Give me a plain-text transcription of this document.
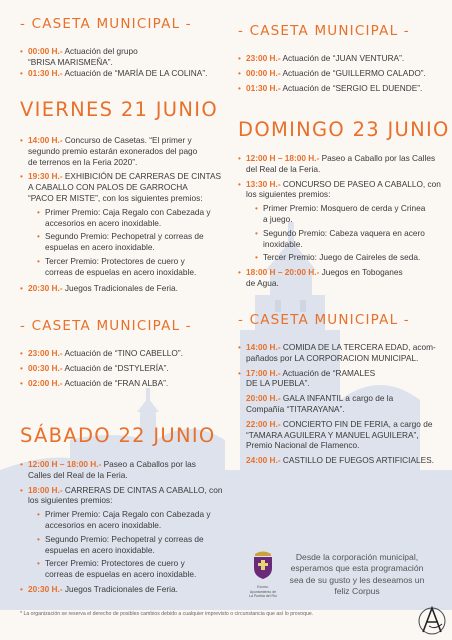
- CASETA MUNICIPAL -
• 00:00 H.- Actuación del grupo
“BRISA MARISMEÑA”.
• 01:30 H.- Actuación de “MARÍA DE LA COLINA”.
VIERNES 21 JUNIO
• 14:00 H.- Concurso de Casetas. “El primer y
segundo premio estarán exonerados del pago
de terrenos en la Feria 2020”.
• 19:30 H.- EXHIBICIÓN DE CARRERAS DE CINTAS
A CABALLO CON PALOS DE GARROCHA
“PACO ER MISTE”, con los siguientes premios:
• Primer Premio: Caja Regalo con Cabezada y
accesorios en acero inoxidable.
• Segundo Premio: Pechopetral y correas de
espuelas en acero inoxidable.
• Tercer Premio: Protectores de cuero y
correas de espuelas en acero inoxidable.
• 20:30 H.- Juegos Tradicionales de Feria.
- CASETA MUNICIPAL -
• 23:00 H.- Actuación de “TINO CABELLO”.
• 00:30 H.- Actuación de “DSTYLERÍA”.
• 02:00 H.- Actuación de “FRAN ALBA”.
SÁBADO 22 JUNIO
• 12:00 H – 18:00 H.- Paseo a Caballos por las
Calles del Real de la Feria.
• 18:00 H.- CARRERAS DE CINTAS A CABALLO, con
los siguientes premios:
• Primer Premio: Caja Regalo con Cabezada y
accesorios en acero inoxidable.
• Segundo Premio: Pechopetral y correas de
espuelas en acero inoxidable.
• Tercer Premio: Protectores de cuero y
correas de espuelas en acero inoxidable.
• 20:30 H.- Juegos Tradicionales de Feria.
- CASETA MUNICIPAL -
• 23:00 H.- Actuación de “JUAN VENTURA”.
• 00:00 H.- Actuación de “GUILLERMO CALADO”.
• 01:30 H.- Actuación de “SERGIO EL DUENDE”.
DOMINGO 23 JUNIO
• 12:00 H – 18:00 H.- Paseo a Caballo por las Calles
del Real de la Feria.
• 13:30 H.- CONCURSO DE PASEO A CABALLO, con
los siguientes premios:
• Primer Premio: Mosquero de cerda y Crinea
a juego.
• Segundo Premio: Cabeza vaquera en acero
inoxidable.
• Tercer Premio: Juego de Caireles de seda.
• 18:00 H – 20:00 H.- Juegos en Toboganes
de Agua.
- CASETA MUNICIPAL -
• 14:00 H.- COMIDA DE LA TERCERA EDAD, acom-
pañados por LA CORPORACION MUNICIPAL.
• 17:00 H.- Actuación de “RAMALES
DE LA PUEBLA”.
20:00 H.- GALA INFANTIL a cargo de la
Compañía “TITARAYANA”.
22:00 H.- CONCIERTO FIN DE FERIA, a cargo de
“TAMARA AGUILERA Y MANUEL AGUILERA”,
Premio Nacional de Flamenco.
24:00 H.- CASTILLO DE FUEGOS ARTIFICIALES.
Excmo. Ayuntamiento de
La Puebla del Río
Desde la corporación municipal,
esperamos que esta programación
sea de su gusto y les deseamos un
feliz Corpus
* La organización se reserva el derecho de posibles cambios debido a cualquier imprevisto o circunstancia que así lo provoque.
